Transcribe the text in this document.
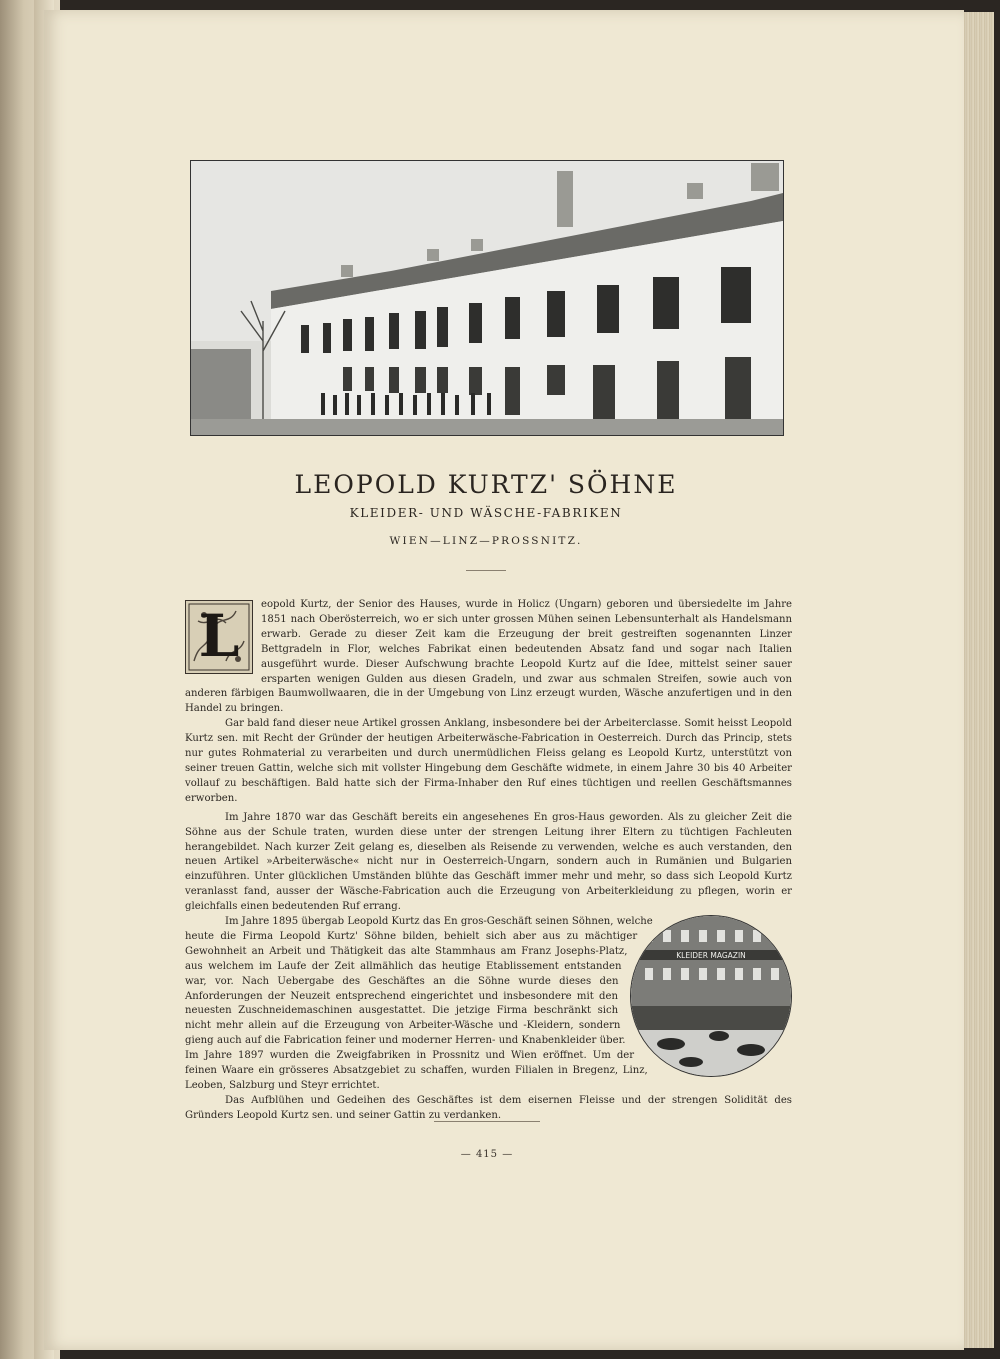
LEOPOLD KURTZ' SÖHNE
KLEIDER- UND WÄSCHE-FABRIKEN
WIEN—LINZ—PROSSNITZ.
L	eopold Kurtz, der Senior des Hauses, wurde in Holicz (Ungarn) geboren und übersiedelte im Jahre 1851 nach Oberösterreich, wo er sich unter grossen Mühen seinen Lebensunterhalt als Handelsmann erwarb. Gerade zu dieser Zeit kam die Erzeugung der breit gestreiften sogenannten Linzer Bettgradeln in Flor, welches Fabrikat einen bedeutenden Absatz fand und sogar nach Italien ausgeführt wurde. Dieser Aufschwung brachte Leopold Kurtz auf die Idee, mittelst seiner sauer ersparten wenigen Gulden aus diesen Gradeln, und zwar aus schmalen Streifen, sowie auch von anderen färbigen Baumwollwaaren, die in der Umgebung von Linz erzeugt wurden, Wäsche anzufertigen und in den Handel zu bringen.

Gar bald fand dieser neue Artikel grossen Anklang, insbesondere bei der Arbeiterclasse. Somit heisst Leopold Kurtz sen. mit Recht der Gründer der heutigen Arbeiterwäsche-Fabrication in Oesterreich. Durch das Princip, stets nur gutes Rohmaterial zu verarbeiten und durch unermüdlichen Fleiss gelang es Leopold Kurtz, unterstützt von seiner treuen Gattin, welche sich mit vollster Hingebung dem Geschäfte widmete, in einem Jahre 30 bis 40 Arbeiter vollauf zu beschäftigen. Bald hatte sich der Firma-Inhaber den Ruf eines tüchtigen und reellen Geschäftsmannes erworben.

Im Jahre 1870 war das Geschäft bereits ein angesehenes En gros-Haus geworden. Als zu gleicher Zeit die Söhne aus der Schule traten, wurden diese unter der strengen Leitung ihrer Eltern zu tüchtigen Fachleuten herangebildet. Nach kurzer Zeit gelang es, dieselben als Reisende zu verwenden, welche es auch verstanden, den neuen Artikel »Arbeiterwäsche« nicht nur in Oesterreich-Ungarn, sondern auch in Rumänien und Bulgarien einzuführen. Unter glücklichen Umständen blühte das Geschäft immer mehr und mehr, so dass sich Leopold Kurtz veranlasst fand, ausser der Wäsche-Fabrication auch die Erzeugung von Arbeiterkleidung zu pflegen, worin er gleichfalls einen bedeutenden Ruf errang.

KLEIDER MAGAZIN

Im Jahre 1895 übergab Leopold Kurtz das En gros-Geschäft seinen Söhnen, welche heute die Firma Leopold Kurtz' Söhne bilden, behielt sich aber aus zu mächtiger Gewohnheit an Arbeit und Thätigkeit das alte Stammhaus am Franz Josephs-Platz, aus welchem im Laufe der Zeit allmählich das heutige Etablissement entstanden war, vor. Nach Uebergabe des Geschäftes an die Söhne wurde dieses den Anforderungen der Neuzeit entsprechend eingerichtet und insbesondere mit den neuesten Zuschneidemaschinen ausgestattet. Die jetzige Firma beschränkt sich nicht mehr allein auf die Erzeugung von Arbeiter-Wäsche und -Kleidern, sondern gieng auch auf die Fabrication feiner und moderner Herren- und Knabenkleider über. Im Jahre 1897 wurden die Zweigfabriken in Prossnitz und Wien eröffnet. Um der feinen Waare ein grösseres Absatzgebiet zu schaffen, wurden Filialen in Bregenz, Linz, Leoben, Salzburg und Steyr errichtet.

Das Aufblühen und Gedeihen des Geschäftes ist dem eisernen Fleisse und der strengen Solidität des Gründers Leopold Kurtz sen. und seiner Gattin zu verdanken.

— 415 —
